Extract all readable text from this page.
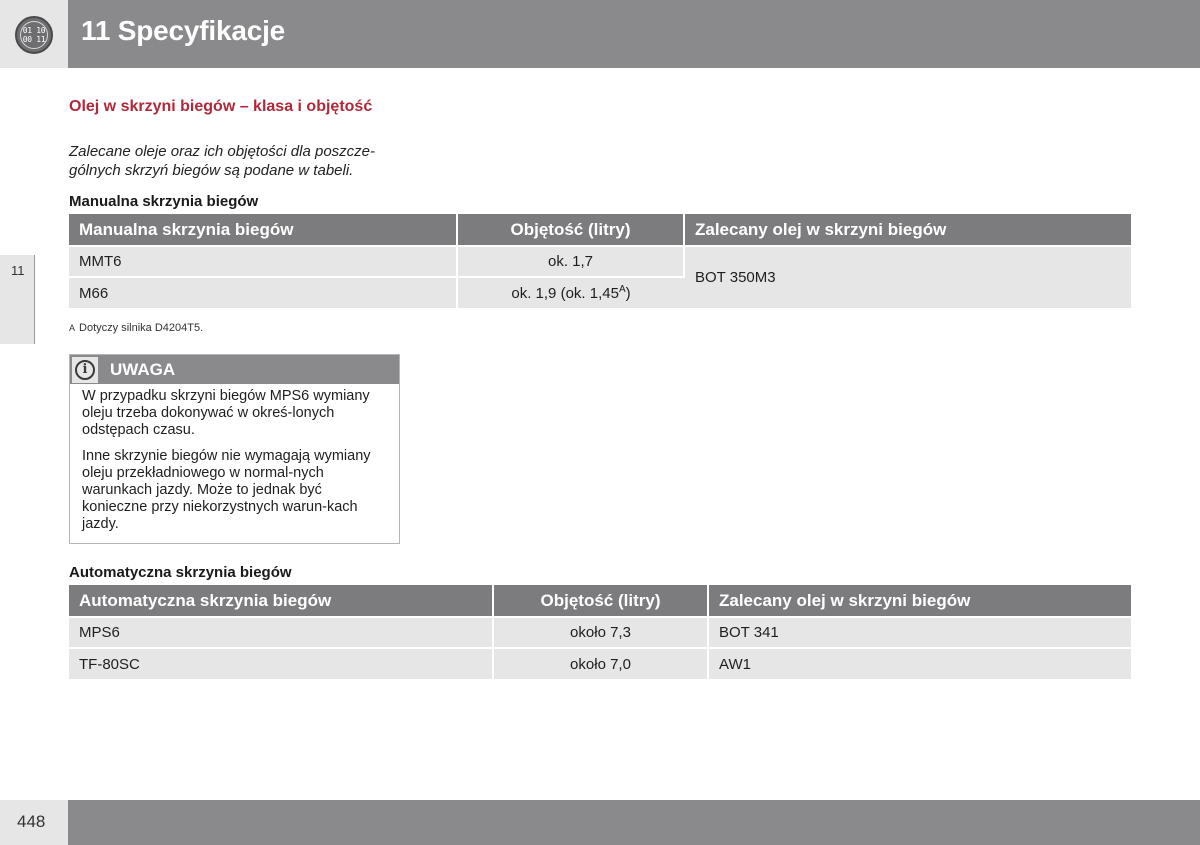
01 10
00 11 11 Specyfikacje
11
Olej w skrzyni biegów – klasa i objętość
Zalecane oleje oraz ich objętości dla poszcze-gólnych skrzyń biegów są podane w tabeli.
Manualna skrzynia biegów
Manualna skrzynia biegów	Objętość (litry)	Zalecany olej w skrzyni biegów
MMT6	ok. 1,7	BOT 350M3
M66	ok. 1,9 (ok. $1,45^A$)	
A Dotyczy silnika D4204T5.
i	UWAGA

W przypadku skrzyni biegów MPS6 wymiany oleju trzeba dokonywać w okreś-lonych odstępach czasu.

Inne skrzynie biegów nie wymagają wymiany oleju przekładniowego w normal-nych warunkach jazdy. Może to jednak być konieczne przy niekorzystnych warun-kach jazdy.

Automatyczna skrzynia biegów
Automatyczna skrzynia biegów	Objętość (litry)	Zalecany olej w skrzyni biegów
MPS6	około 7,3	BOT 341
TF-80SC	około 7,0	AW1
448
